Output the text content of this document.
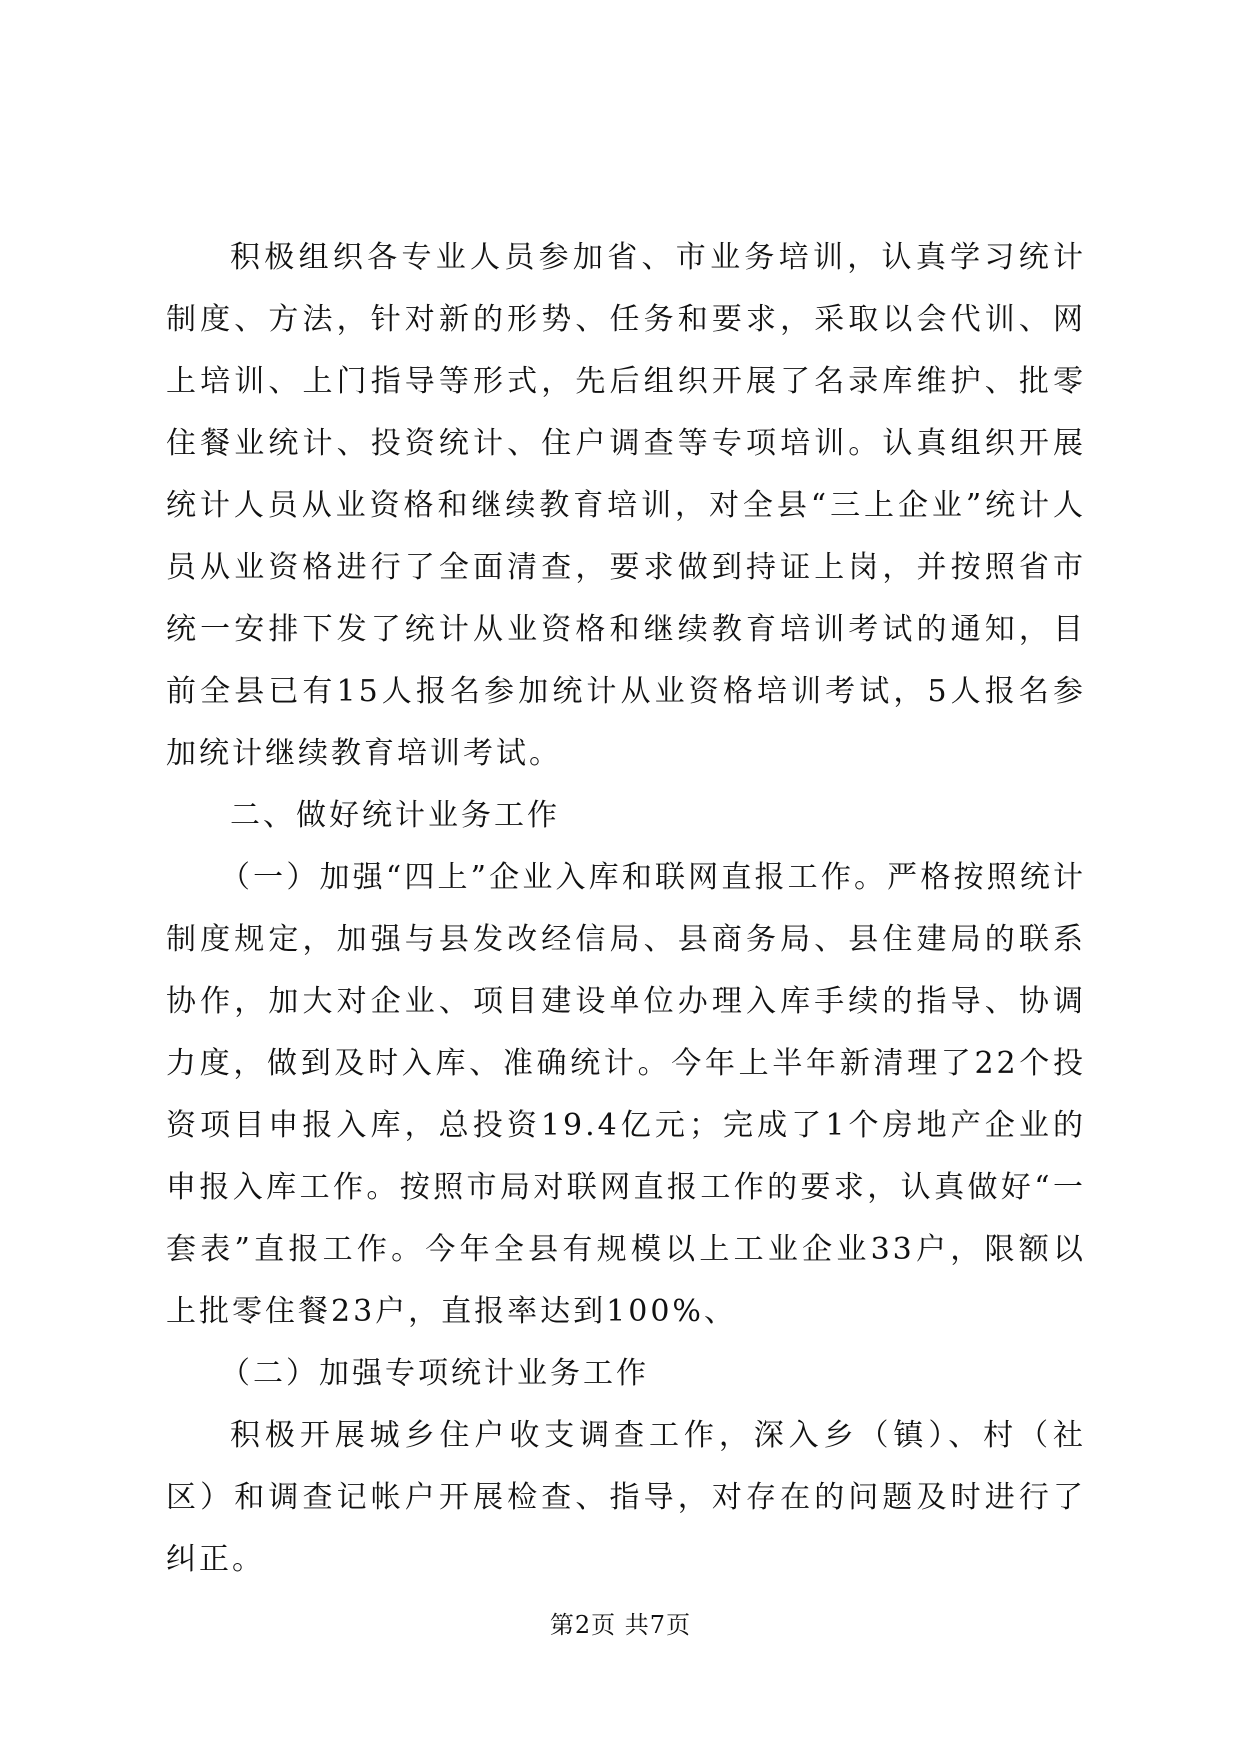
积极组织各专业人员参加省、市业务培训，认真学习统计制度、方法，针对新的形势、任务和要求，采取以会代训、网上培训、上门指导等形式，先后组织开展了名录库维护、批零住餐业统计、投资统计、住户调查等专项培训。认真组织开展统计人员从业资格和继续教育培训，对全县“三上企业”统计人员从业资格进行了全面清查，要求做到持证上岗，并按照省市统一安排下发了统计从业资格和继续教育培训考试的通知，目前全县已有15人报名参加统计从业资格培训考试，5人报名参加统计继续教育培训考试。

二、做好统计业务工作

（一）加强“四上”企业入库和联网直报工作。严格按照统计制度规定，加强与县发改经信局、县商务局、县住建局的联系协作，加大对企业、项目建设单位办理入库手续的指导、协调力度，做到及时入库、准确统计。今年上半年新清理了22个投资项目申报入库，总投资19.4亿元；完成了1个房地产企业的申报入库工作。按照市局对联网直报工作的要求，认真做好“一套表”直报工作。今年全县有规模以上工业企业33户，限额以上批零住餐23户，直报率达到100%、

（二）加强专项统计业务工作

积极开展城乡住户收支调查工作，深入乡（镇）、村（社区）和调查记帐户开展检查、指导，对存在的问题及时进行了纠正。

第2页 共7页
